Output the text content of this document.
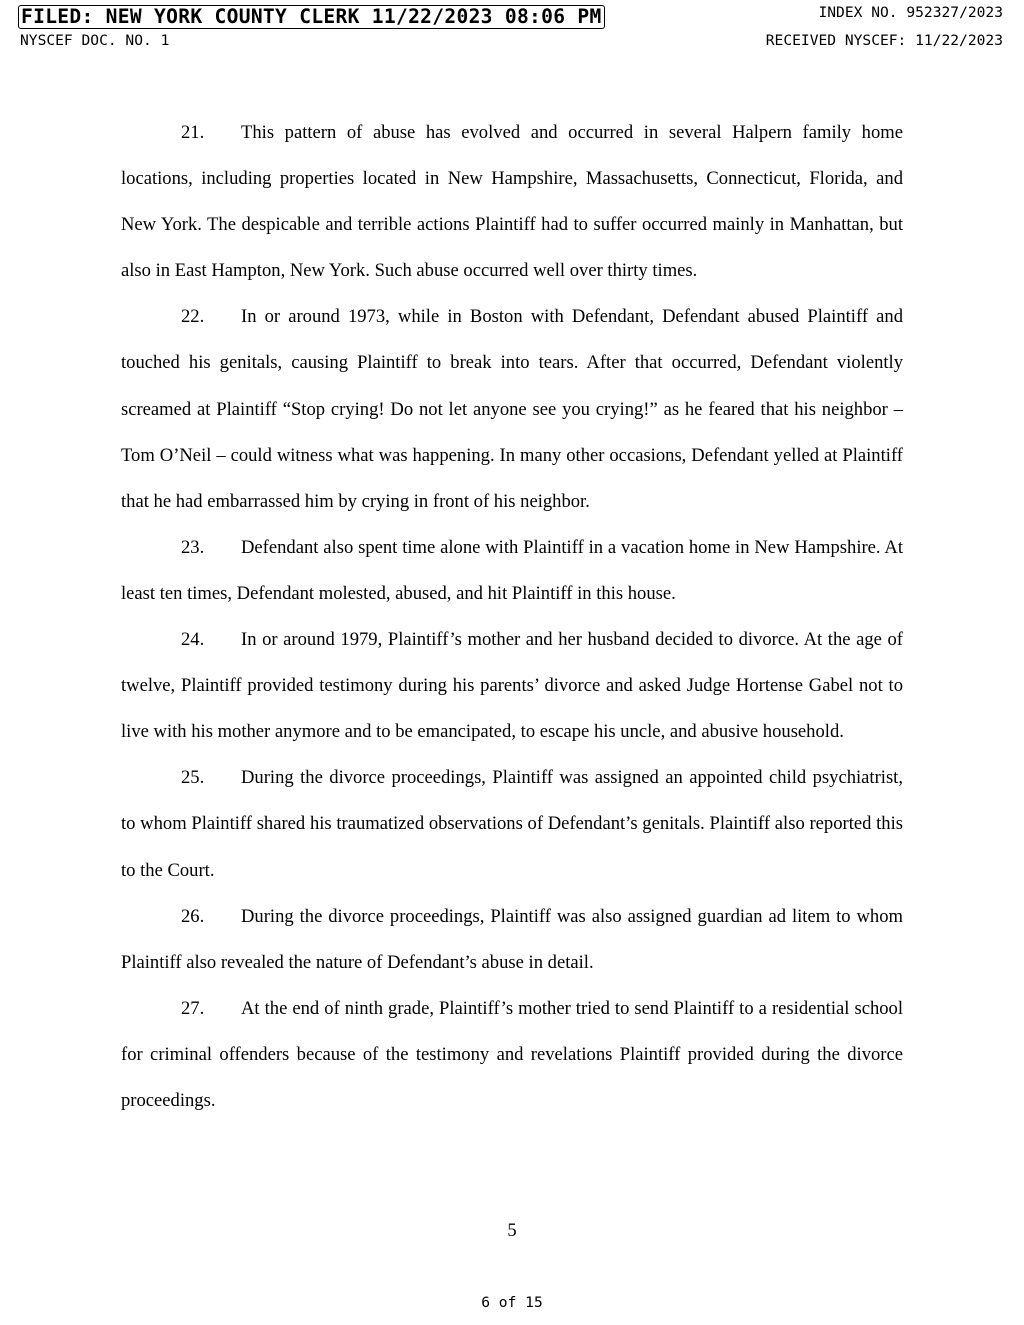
FILED: NEW YORK COUNTY CLERK 11/22/2023 08:06 PM	INDEX NO. 952327/2023
NYSCEF DOC. NO. 1	RECEIVED NYSCEF: 11/22/2023

21. This pattern of abuse has evolved and occurred in several Halpern family home locations, including properties located in New Hampshire, Massachusetts, Connecticut, Florida, and New York. The despicable and terrible actions Plaintiff had to suffer occurred mainly in Manhattan, but also in East Hampton, New York. Such abuse occurred well over thirty times.

22. In or around 1973, while in Boston with Defendant, Defendant abused Plaintiff and touched his genitals, causing Plaintiff to break into tears. After that occurred, Defendant violently screamed at Plaintiff “Stop crying! Do not let anyone see you crying!” as he feared that his neighbor – Tom O’Neil – could witness what was happening. In many other occasions, Defendant yelled at Plaintiff that he had embarrassed him by crying in front of his neighbor.

23. Defendant also spent time alone with Plaintiff in a vacation home in New Hampshire. At least ten times, Defendant molested, abused, and hit Plaintiff in this house.

24. In or around 1979, Plaintiff’s mother and her husband decided to divorce. At the age of twelve, Plaintiff provided testimony during his parents’ divorce and asked Judge Hortense Gabel not to live with his mother anymore and to be emancipated, to escape his uncle, and abusive household.

25. During the divorce proceedings, Plaintiff was assigned an appointed child psychiatrist, to whom Plaintiff shared his traumatized observations of Defendant’s genitals. Plaintiff also reported this to the Court.

26. During the divorce proceedings, Plaintiff was also assigned guardian ad litem to whom Plaintiff also revealed the nature of Defendant’s abuse in detail.

27. At the end of ninth grade, Plaintiff’s mother tried to send Plaintiff to a residential school for criminal offenders because of the testimony and revelations Plaintiff provided during the divorce proceedings.

5
6 of 15
